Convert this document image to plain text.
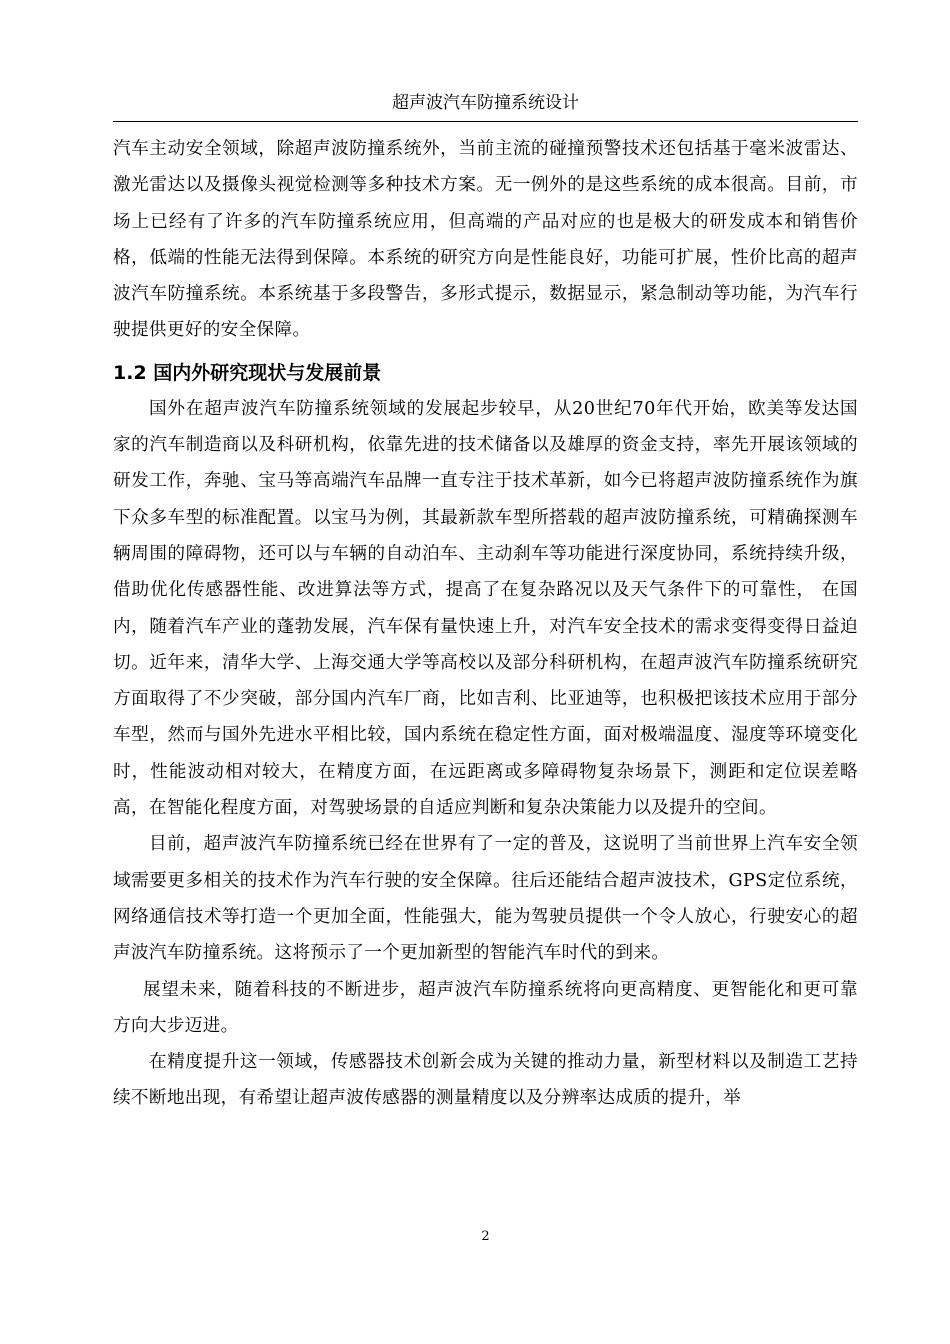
超声波汽车防撞系统设计

汽车主动安全领域，除超声波防撞系统外，当前主流的碰撞预警技术还包括基于毫米波雷达、激光雷达以及摄像头视觉检测等多种技术方案。无一例外的是这些系统的成本很高。目前，市场上已经有了许多的汽车防撞系统应用，但高端的产品对应的也是极大的研发成本和销售价格，低端的性能无法得到保障。本系统的研究方向是性能良好，功能可扩展，性价比高的超声波汽车防撞系统。本系统基于多段警告，多形式提示，数据显示，紧急制动等功能，为汽车行驶提供更好的安全保障。

1.2 国内外研究现状与发展前景

国外在超声波汽车防撞系统领域的发展起步较早，从20世纪70年代开始，欧美等发达国家的汽车制造商以及科研机构，依靠先进的技术储备以及雄厚的资金支持，率先开展该领域的研发工作，奔驰、宝马等高端汽车品牌一直专注于技术革新，如今已将超声波防撞系统作为旗下众多车型的标准配置。以宝马为例，其最新款车型所搭载的超声波防撞系统，可精确探测车辆周围的障碍物，还可以与车辆的自动泊车、主动刹车等功能进行深度协同，系统持续升级，借助优化传感器性能、改进算法等方式，提高了在复杂路况以及天气条件下的可靠性， 在国内，随着汽车产业的蓬勃发展，汽车保有量快速上升，对汽车安全技术的需求变得变得日益迫切。近年来，清华大学、上海交通大学等高校以及部分科研机构，在超声波汽车防撞系统研究方面取得了不少突破，部分国内汽车厂商，比如吉利、比亚迪等，也积极把该技术应用于部分车型，然而与国外先进水平相比较，国内系统在稳定性方面，面对极端温度、湿度等环境变化时，性能波动相对较大，在精度方面，在远距离或多障碍物复杂场景下，测距和定位误差略高，在智能化程度方面，对驾驶场景的自适应判断和复杂决策能力以及提升的空间。

目前，超声波汽车防撞系统已经在世界有了一定的普及，这说明了当前世界上汽车安全领域需要更多相关的技术作为汽车行驶的安全保障。往后还能结合超声波技术，GPS定位系统，网络通信技术等打造一个更加全面，性能强大，能为驾驶员提供一个令人放心，行驶安心的超声波汽车防撞系统。这将预示了一个更加新型的智能汽车时代的到来。

展望未来，随着科技的不断进步，超声波汽车防撞系统将向更高精度、更智能化和更可靠方向大步迈进。

在精度提升这一领域，传感器技术创新会成为关键的推动力量，新型材料以及制造工艺持续不断地出现，有希望让超声波传感器的测量精度以及分辨率达成质的提升，举

2
